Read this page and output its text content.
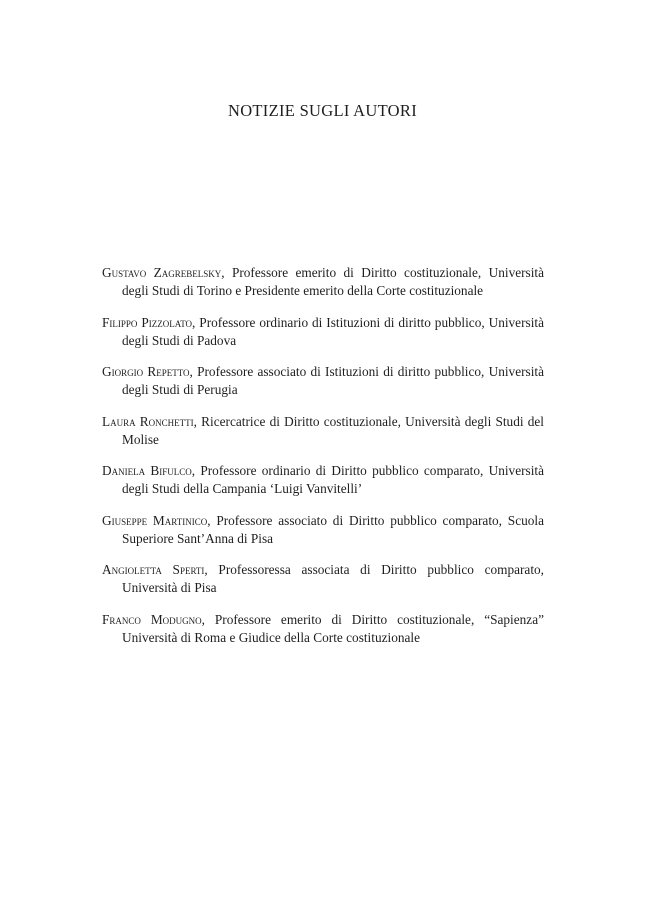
NOTIZIE SUGLI AUTORI
Gustavo Zagrebelsky, Professore emerito di Diritto costituzionale, Università degli Studi di Torino e Presidente emerito della Corte costituzionale
Filippo Pizzolato, Professore ordinario di Istituzioni di diritto pubblico, Università degli Studi di Padova
Giorgio Repetto, Professore associato di Istituzioni di diritto pubblico, Università degli Studi di Perugia
Laura Ronchetti, Ricercatrice di Diritto costituzionale, Università degli Studi del Molise
Daniela Bifulco, Professore ordinario di Diritto pubblico comparato, Università degli Studi della Campania ‘Luigi Vanvitelli’
Giuseppe Martinico, Professore associato di Diritto pubblico comparato, Scuola Superiore Sant’Anna di Pisa
Angioletta Sperti, Professoressa associata di Diritto pubblico comparato, Università di Pisa
Franco Modugno, Professore emerito di Diritto costituzionale, “Sapienza” Università di Roma e Giudice della Corte costituzionale
